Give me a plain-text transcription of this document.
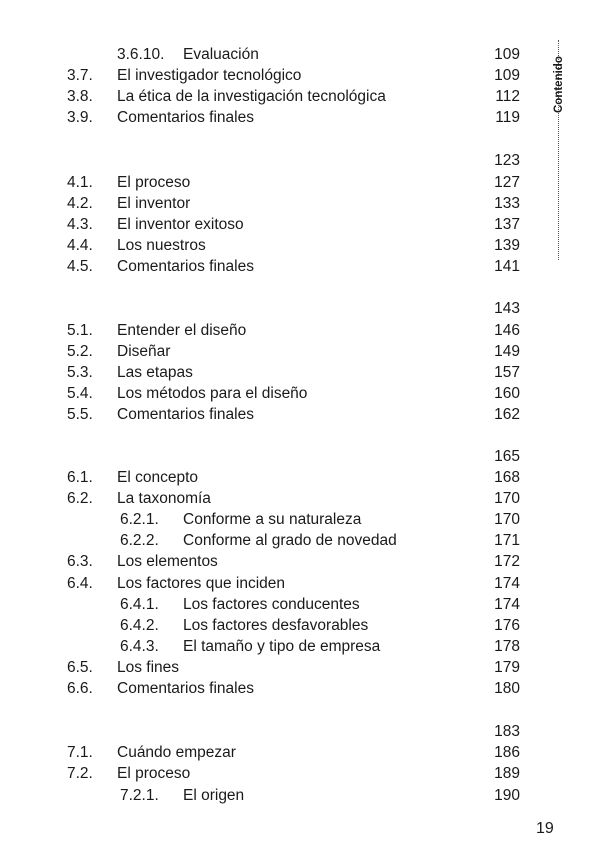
3.6.10. Evaluación	109
3.7. El investigador tecnológico	109
3.8. La ética de la investigación tecnológica	112
3.9. Comentarios finales	119
123
4.1. El proceso	127
4.2. El inventor	133
4.3. El inventor exitoso	137
4.4. Los nuestros	139
4.5. Comentarios finales	141
143
5.1. Entender el diseño	146
5.2. Diseñar	149
5.3. Las etapas	157
5.4. Los métodos para el diseño	160
5.5. Comentarios finales	162
165
6.1. El concepto	168
6.2. La taxonomía	170
6.2.1. Conforme a su naturaleza	170
6.2.2. Conforme al grado de novedad	171
6.3. Los elementos	172
6.4. Los factores que inciden	174
6.4.1. Los factores conducentes	174
6.4.2. Los factores desfavorables	176
6.4.3. El tamaño y tipo de empresa	178
6.5. Los fines	179
6.6. Comentarios finales	180
183
7.1. Cuándo empezar	186
7.2. El proceso	189
7.2.1. El origen	190
Contenido
19
